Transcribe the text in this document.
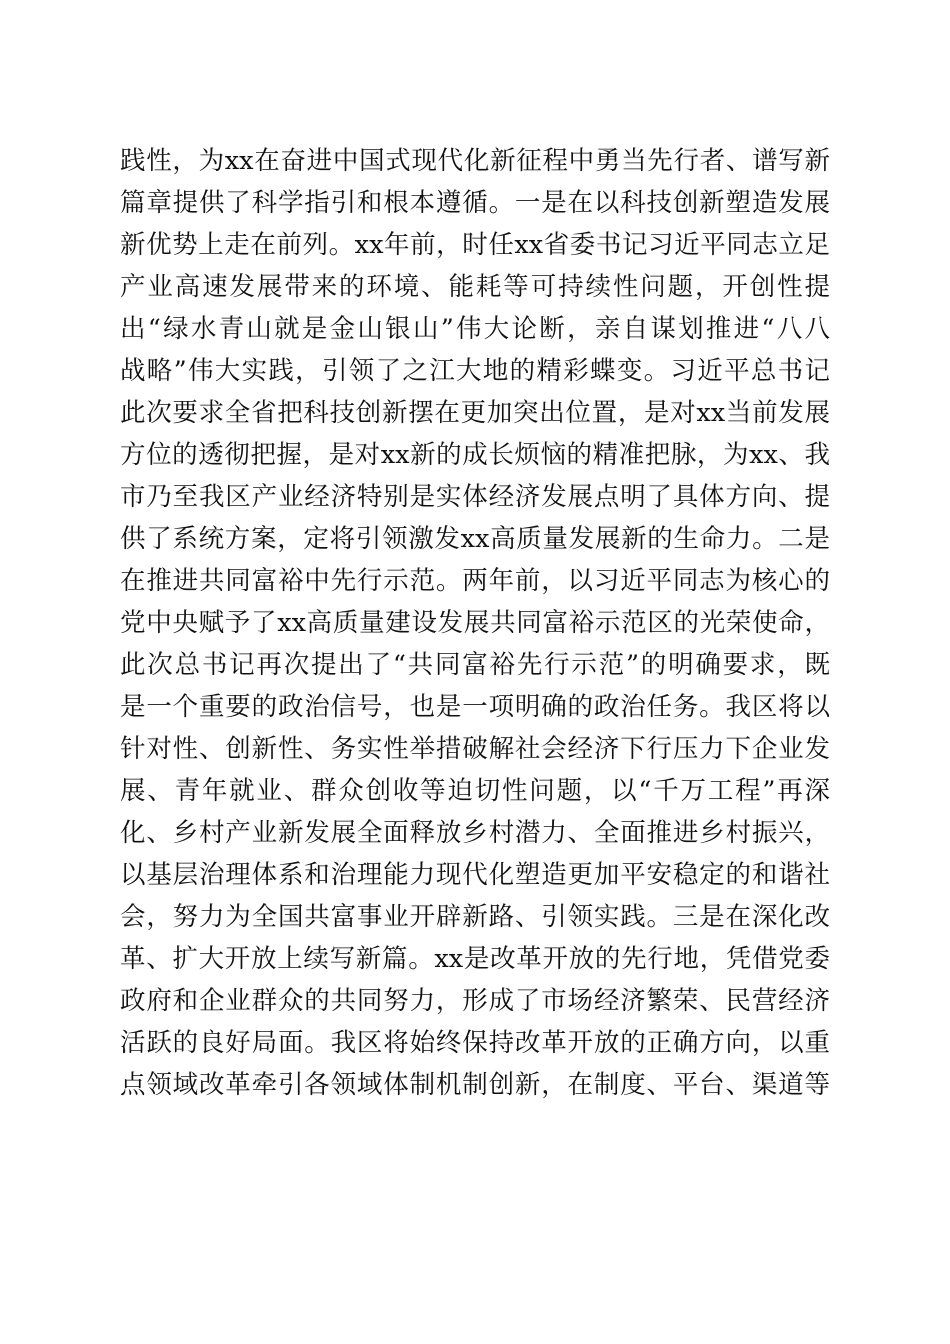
践性，为xx在奋进中国式现代化新征程中勇当先行者、谱写新
篇章提供了科学指引和根本遵循。一是在以科技创新塑造发展
新优势上走在前列。xx年前，时任xx省委书记习近平同志立足
产业高速发展带来的环境、能耗等可持续性问题，开创性提
出“绿水青山就是金山银山”伟大论断，亲自谋划推进“八八
战略”伟大实践，引领了之江大地的精彩蝶变。习近平总书记
此次要求全省把科技创新摆在更加突出位置，是对xx当前发展
方位的透彻把握，是对xx新的成长烦恼的精准把脉，为xx、我
市乃至我区产业经济特别是实体经济发展点明了具体方向、提
供了系统方案，定将引领激发xx高质量发展新的生命力。二是
在推进共同富裕中先行示范。两年前，以习近平同志为核心的
党中央赋予了xx高质量建设发展共同富裕示范区的光荣使命，
此次总书记再次提出了“共同富裕先行示范”的明确要求，既
是一个重要的政治信号，也是一项明确的政治任务。我区将以
针对性、创新性、务实性举措破解社会经济下行压力下企业发
展、青年就业、群众创收等迫切性问题，以“千万工程”再深
化、乡村产业新发展全面释放乡村潜力、全面推进乡村振兴，
以基层治理体系和治理能力现代化塑造更加平安稳定的和谐社
会，努力为全国共富事业开辟新路、引领实践。三是在深化改
革、扩大开放上续写新篇。xx是改革开放的先行地，凭借党委
政府和企业群众的共同努力，形成了市场经济繁荣、民营经济
活跃的良好局面。我区将始终保持改革开放的正确方向，以重
点领域改革牵引各领域体制机制创新，在制度、平台、渠道等
